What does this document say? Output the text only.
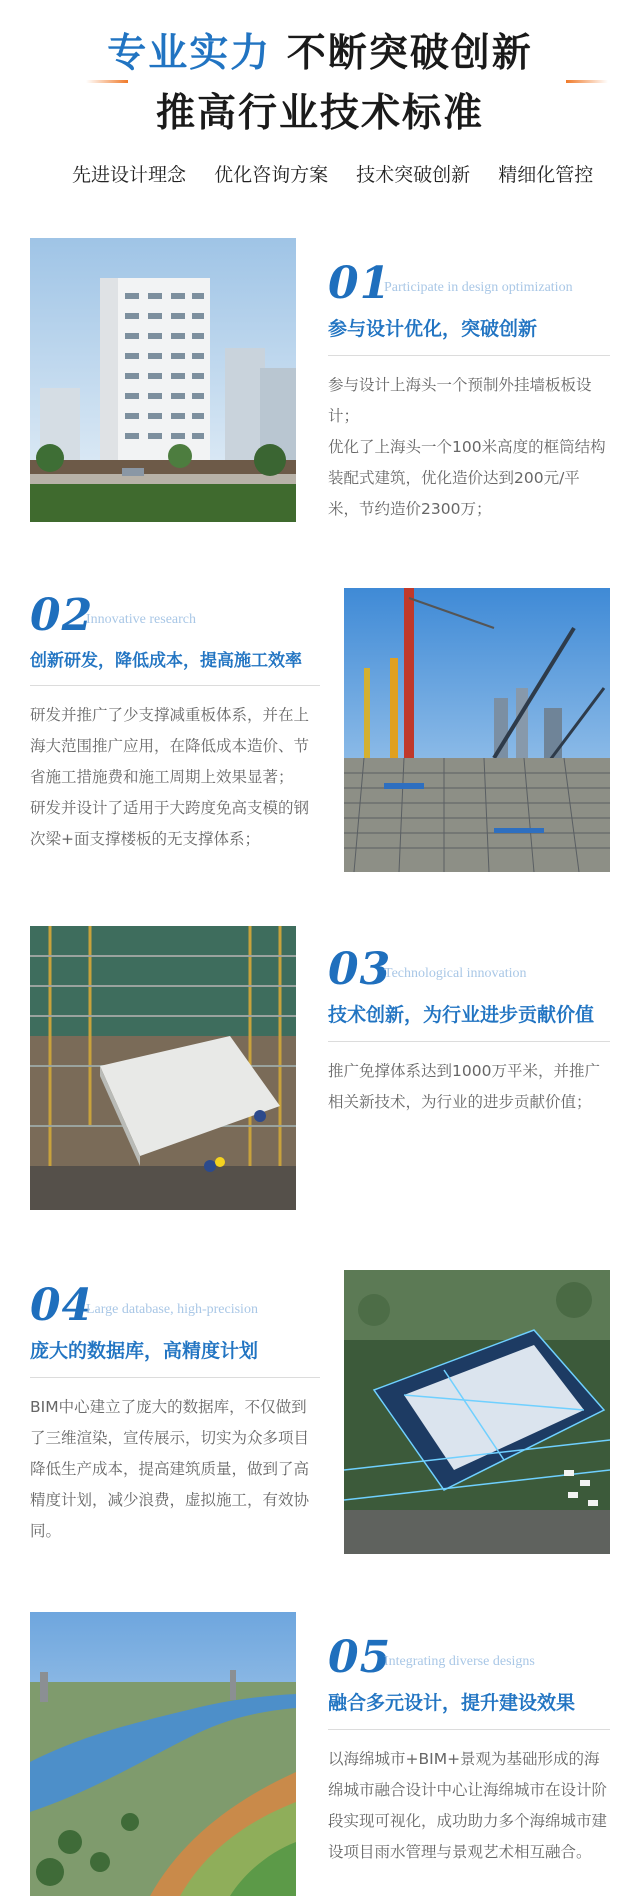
专业实力 不断突破创新
推高行业技术标准
先进设计理念 优化咨询方案 技术突破创新 精细化管控
01
Participate in design optimization
参与设计优化，突破创新

参与设计上海头一个预制外挂墙板板设计；

优化了上海头一个100米高度的框筒结构装配式建筑，优化造价达到200元/平米，节约造价2300万；

02
Innovative research
创新研发，降低成本，提高施工效率

研发并推广了少支撑减重板体系，并在上海大范围推广应用，在降低成本造价、节省施工措施费和施工周期上效果显著；

研发并设计了适用于大跨度免高支模的钢次梁+面支撑楼板的无支撑体系；

03
Technological innovation
技术创新，为行业进步贡献价值

推广免撑体系达到1000万平米，并推广相关新技术，为行业的进步贡献价值；

04
Large database, high-precision
庞大的数据库，高精度计划

BIM中心建立了庞大的数据库，不仅做到了三维渲染，宣传展示，切实为众多项目降低生产成本，提高建筑质量，做到了高精度计划，减少浪费，虚拟施工，有效协同。

05
Integrating diverse designs
融合多元设计，提升建设效果

以海绵城市+BIM+景观为基础形成的海绵城市融合设计中心让海绵城市在设计阶段实现可视化，成功助力多个海绵城市建设项目雨水管理与景观艺术相互融合。
